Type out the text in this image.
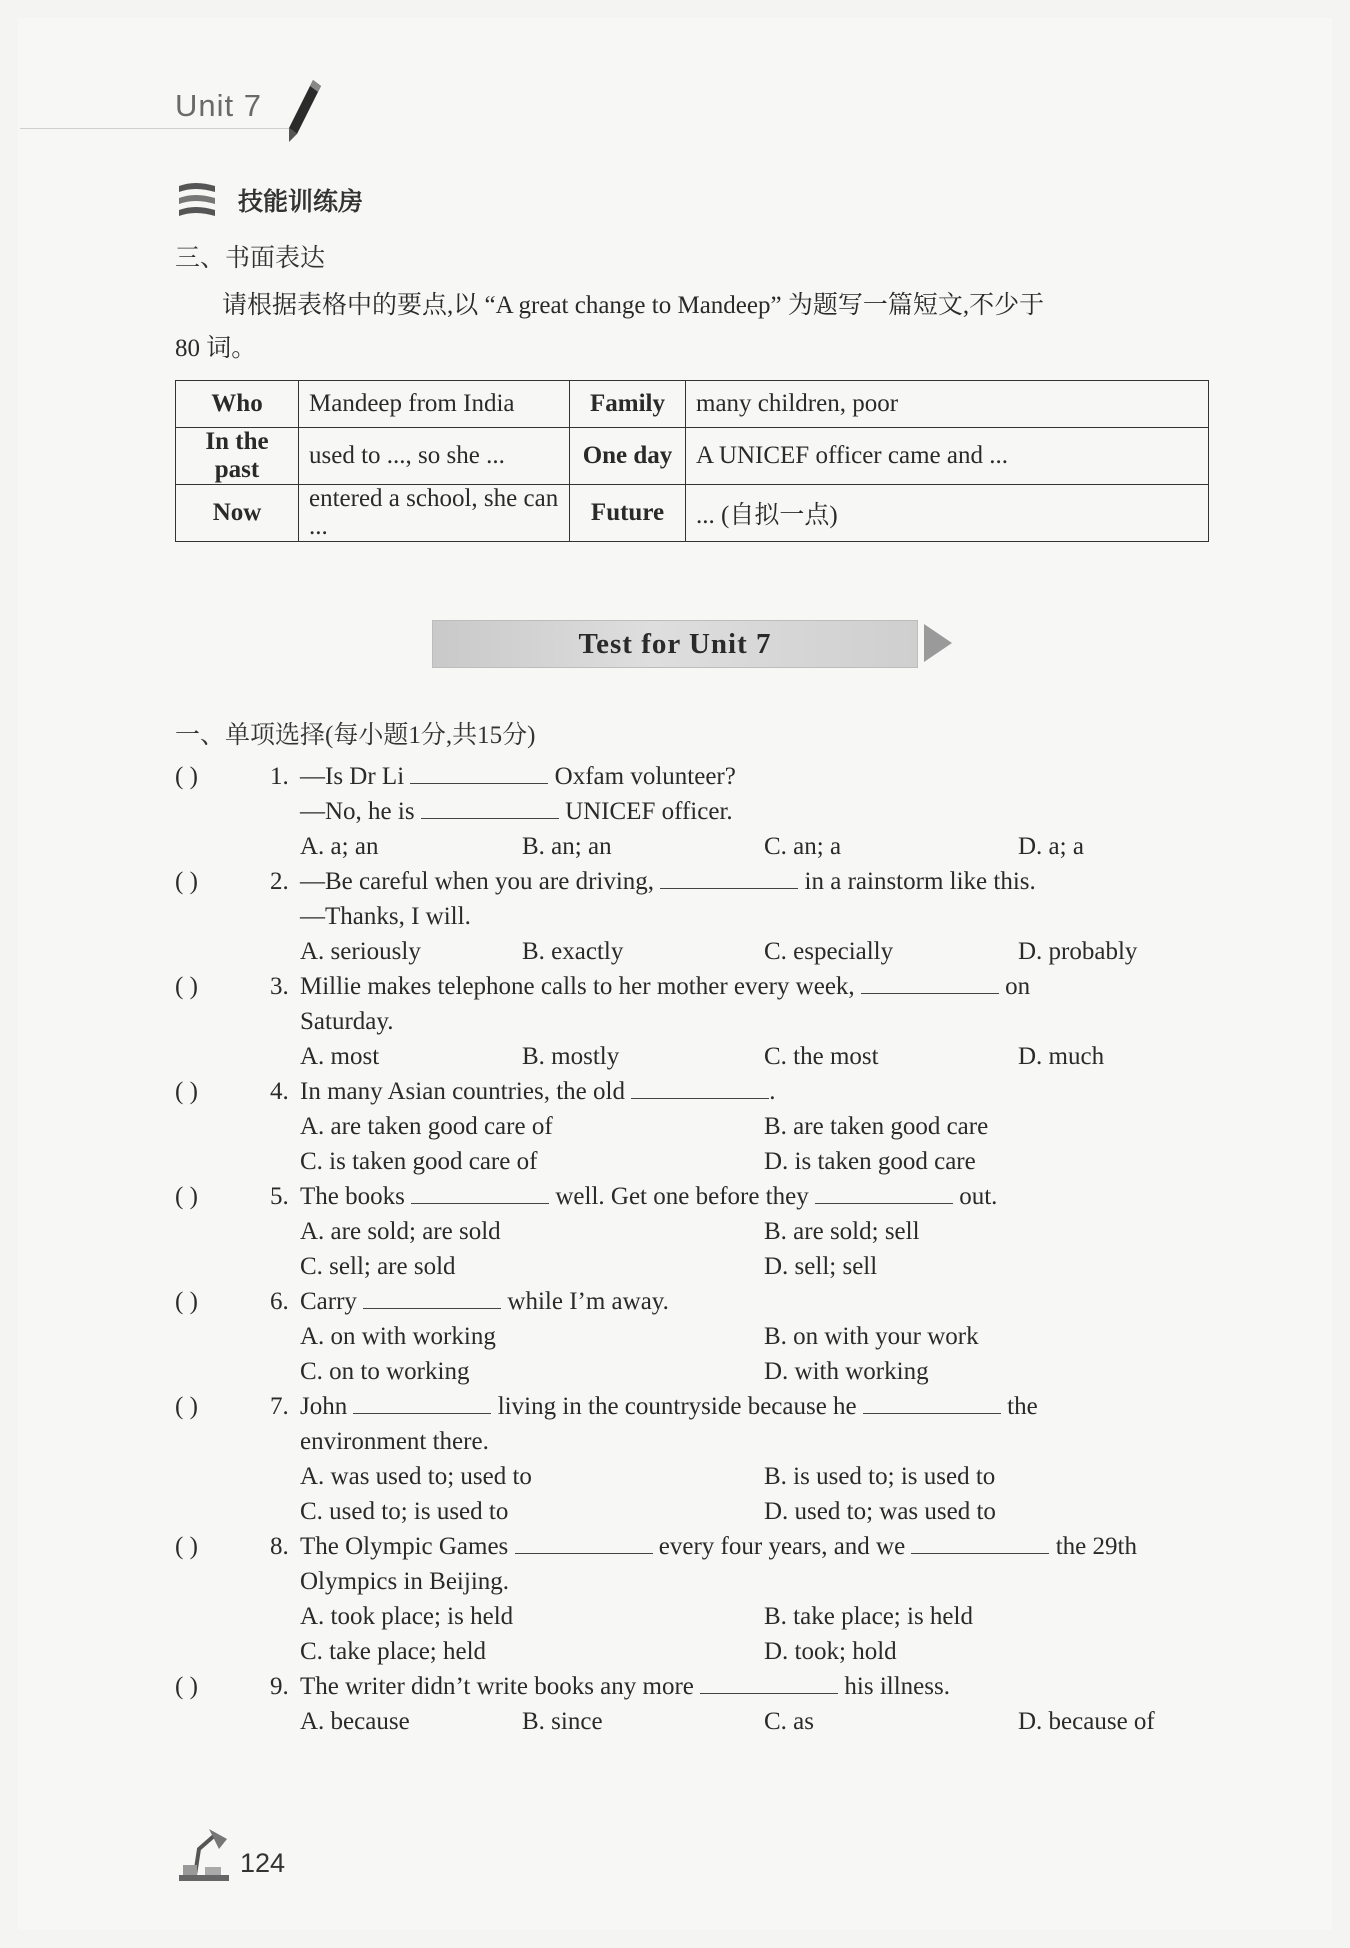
Unit 7
技能训练房
三、书面表达
请根据表格中的要点,以 “A great change to Mandeep” 为题写一篇短文,不少于
80 词。
Who	Mandeep from India	Family	many children, poor
In the past	used to ..., so she ...	One day	A UNICEF officer came and ...
Now	entered a school, she can ...	Future	... (自拟一点)
Test for Unit 7
一、单项选择(每小题1分,共15分)
( )	1. —Is Dr Li	Oxfam volunteer?
—No, he is	UNICEF officer.
A. a; an	B. an; an	C. an; a	D. a; a
( )	2. —Be careful when you are driving,	in a rainstorm like this.
—Thanks, I will.
A. seriously	B. exactly	C. especially	D. probably
( )	3. Millie makes telephone calls to her mother every week,	on
Saturday.
A. most	B. mostly	C. the most	D. much
( )	4. In many Asian countries, the old	.
A. are taken good care of	B. are taken good care
C. is taken good care of	D. is taken good care
( )	5. The books	well. Get one before they	out.
A. are sold; are sold	B. are sold; sell
C. sell; are sold	D. sell; sell
( )	6. Carry	while I’m away.
A. on with working	B. on with your work
C. on to working	D. with working
( )	7. John	living in the countryside because he	the
environment there.
A. was used to; used to	B. is used to; is used to
C. used to; is used to	D. used to; was used to
( )	8. The Olympic Games	every four years, and we	the 29th
Olympics in Beijing.
A. took place; is held	B. take place; is held
C. take place; held	D. took; hold
( )	9. The writer didn’t write books any more	his illness.
A. because	B. since	C. as	D. because of
124
